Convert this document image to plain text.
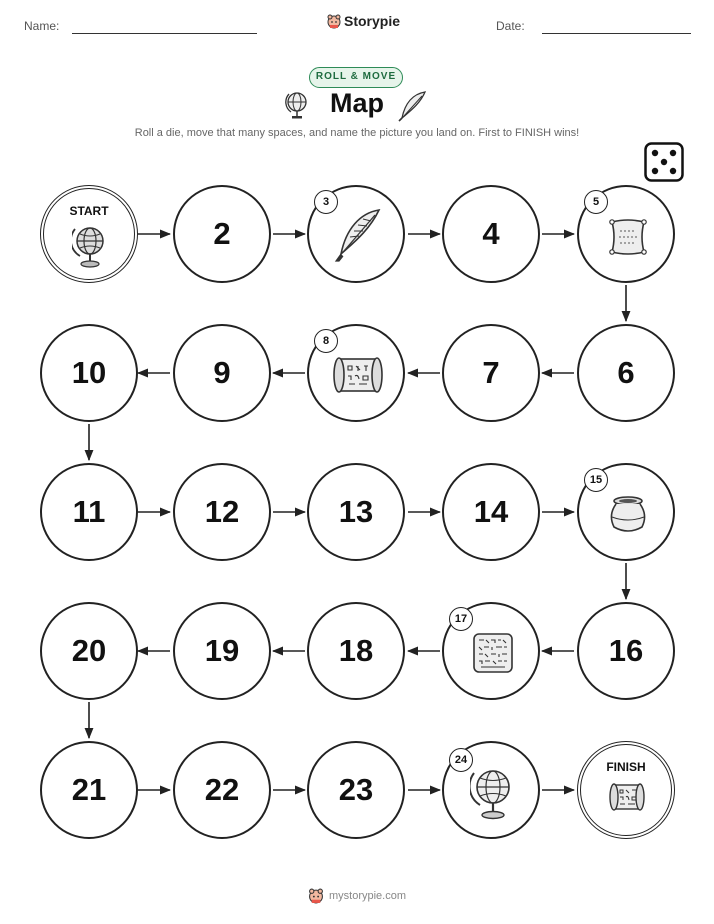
Name:	Storypie	Date:
ROLL & MOVE
Map
Roll a die, move that many spaces, and name the picture you land on. First to FINISH wins!
START
2
3
4
5
6
7
8
9
10
11	12	13	14
15
16
17
18
19
20
21	22	23
24	FINISH
mystorypie.com
